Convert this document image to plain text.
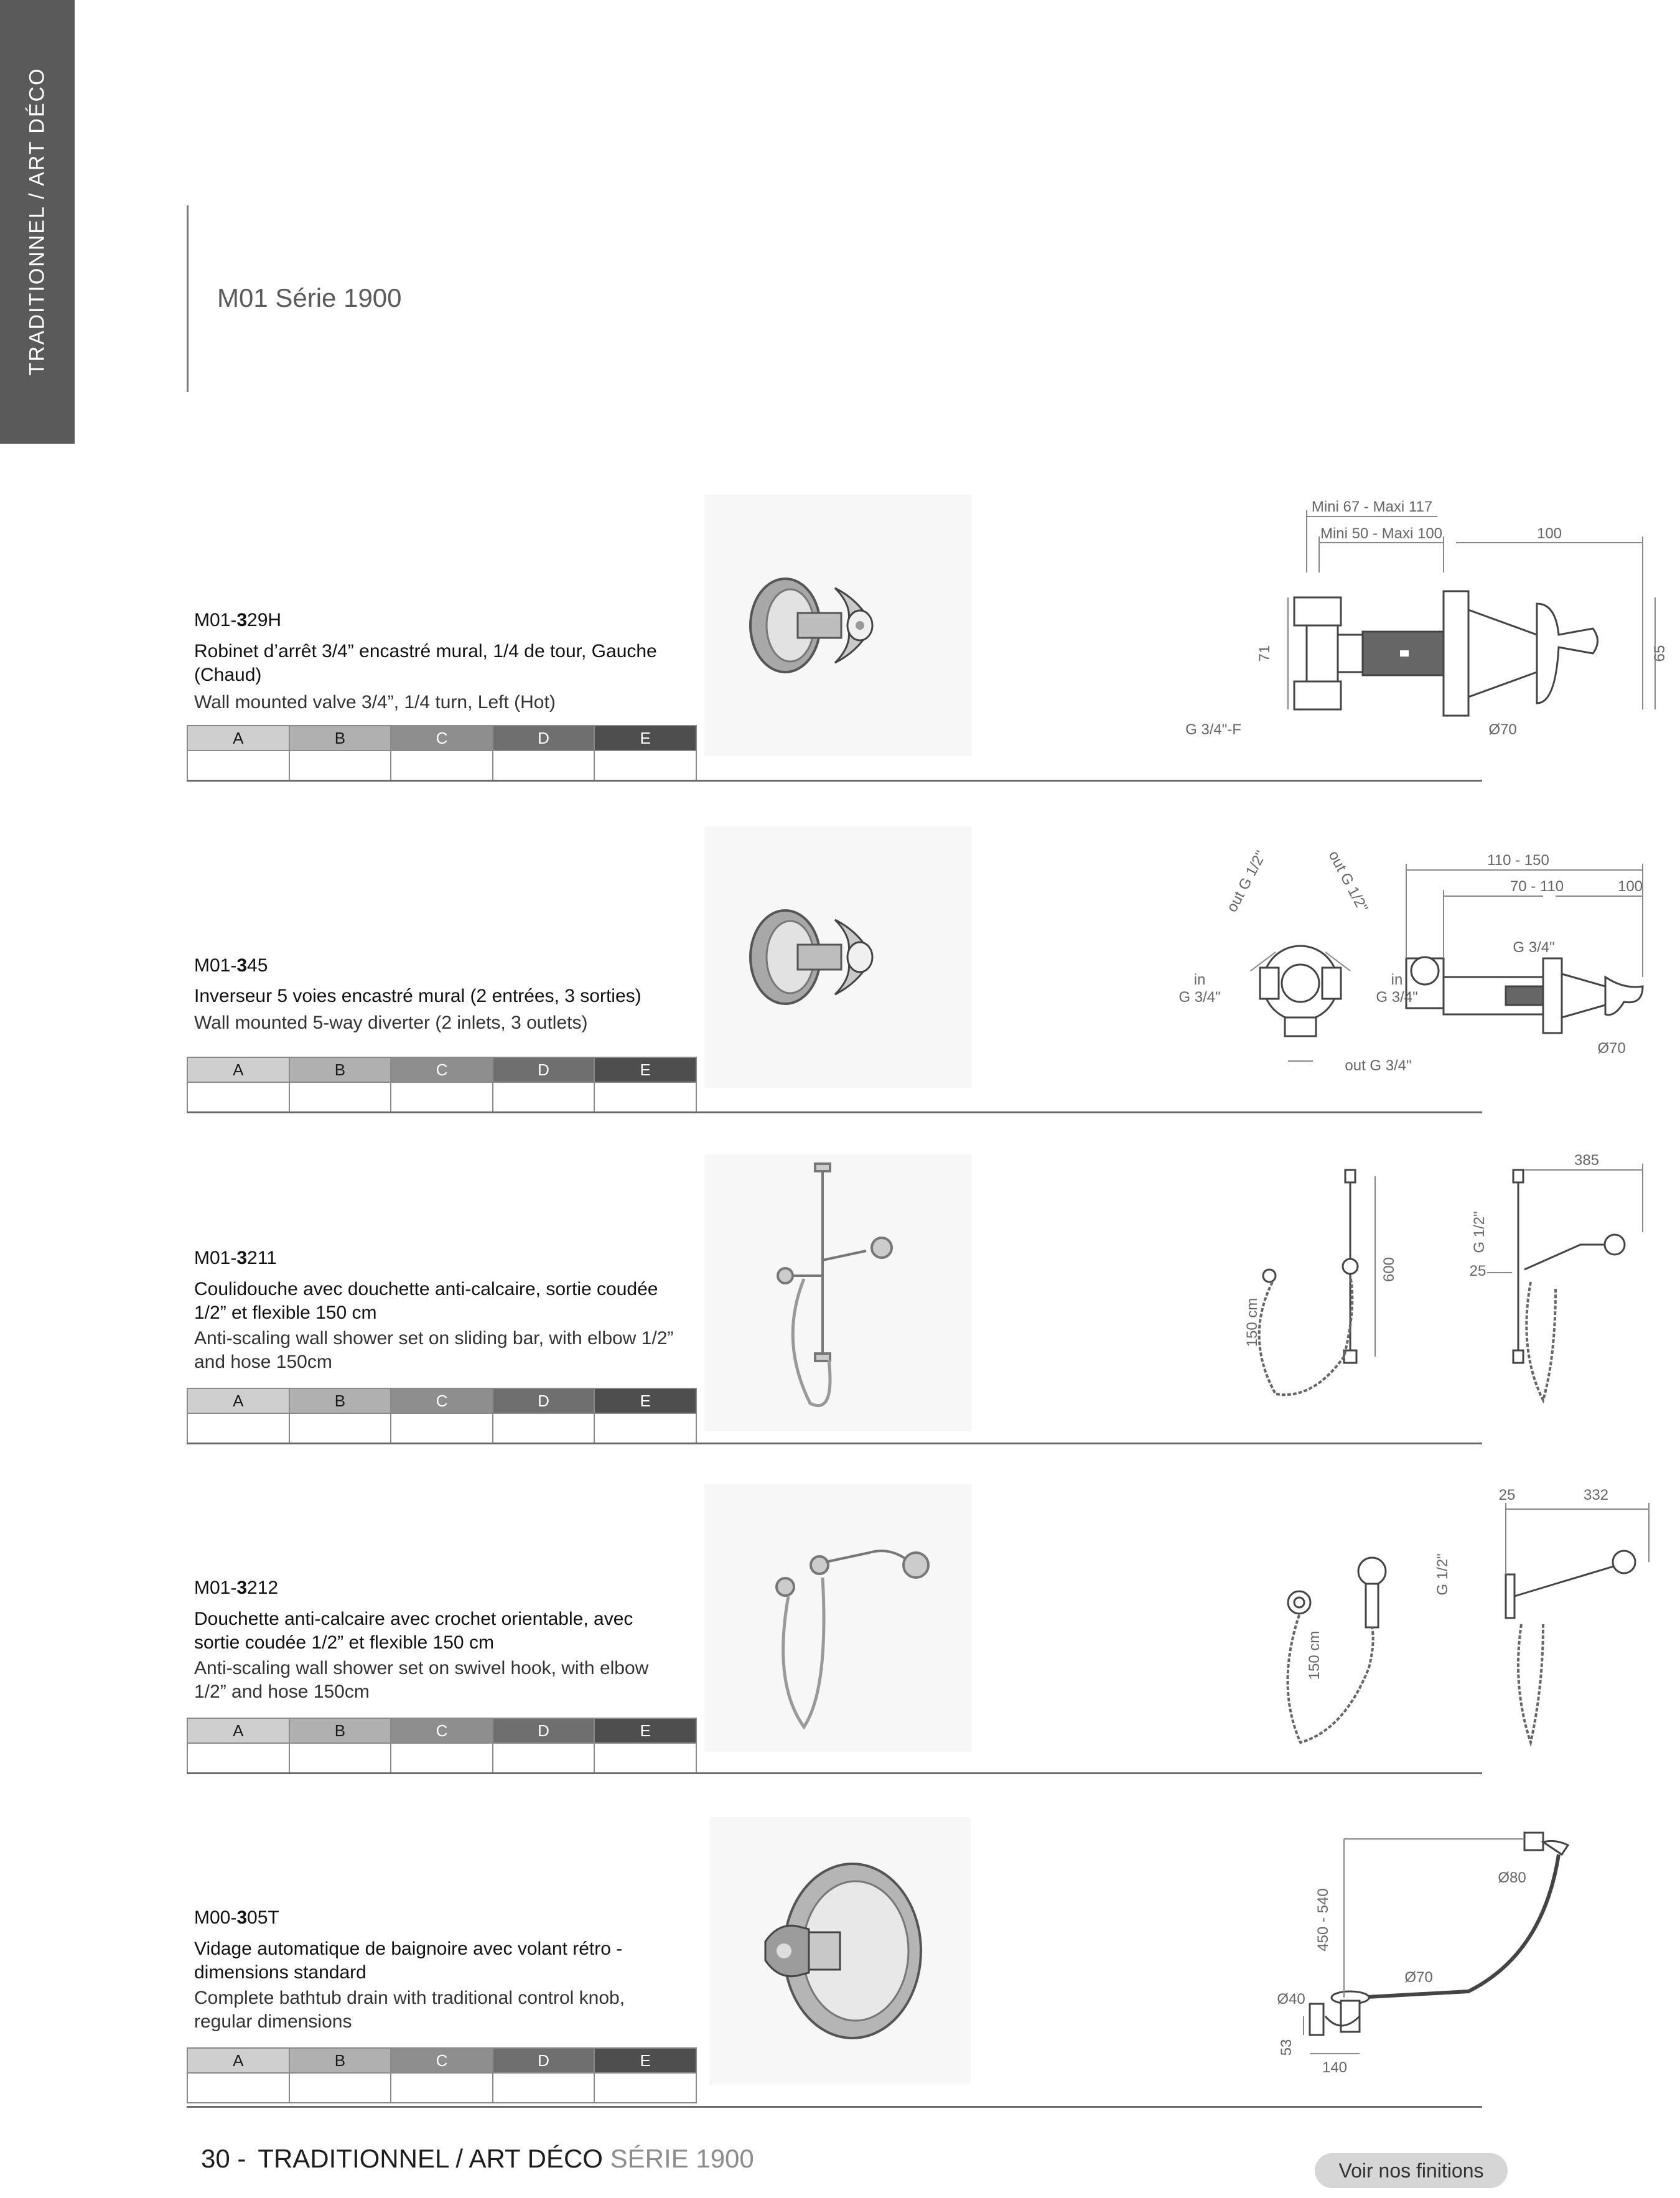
TRADITIONNEL / ART DÉCO	M01 Série 1900
M01-329H
Robinet d’arrêt 3/4” encastré mural, 1/4 de tour, Gauche (Chaud)
Wall mounted valve 3/4”, 1/4 turn, Left (Hot)
A	B	C	D	E

Mini 67 - Maxi 117
Mini 50 - Maxi 100	100
71	65
G 3/4"-F	Ø70
M01-345
Inverseur 5 voies encastré mural (2 entrées, 3 sorties)
Wall mounted 5-way diverter (2 inlets, 3 outlets)
A	B	C	D	E

out G 1/2"	out G 1/2"
in
G 3/4"
in
G 3/4"
out G 3/4"
110 - 150
70 - 110	100
G 3/4"
Ø70
M01-3211
Coulidouche avec douchette anti-calcaire, sortie coudée 1/2” et flexible 150 cm
Anti-scaling wall shower set on sliding bar, with elbow 1/2” and hose 150cm
A	B	C	D	E

385
600
150 cm
G 1/2"
25
M01-3212
Douchette anti-calcaire avec crochet orientable, avec sortie coudée 1/2” et flexible 150 cm
Anti-scaling wall shower set on swivel hook, with elbow 1/2” and hose 150cm
A	B	C	D	E

25	332
150 cm
G 1/2"
M00-305T
Vidage automatique de baignoire avec volant rétro - dimensions standard
Complete bathtub drain with traditional control knob, regular dimensions
A	B	C	D	E

Ø80
450 - 540
Ø70
Ø40
53
140
30 - TRADITIONNEL / ART DÉCO SÉRIE 1900	Voir nos finitions
